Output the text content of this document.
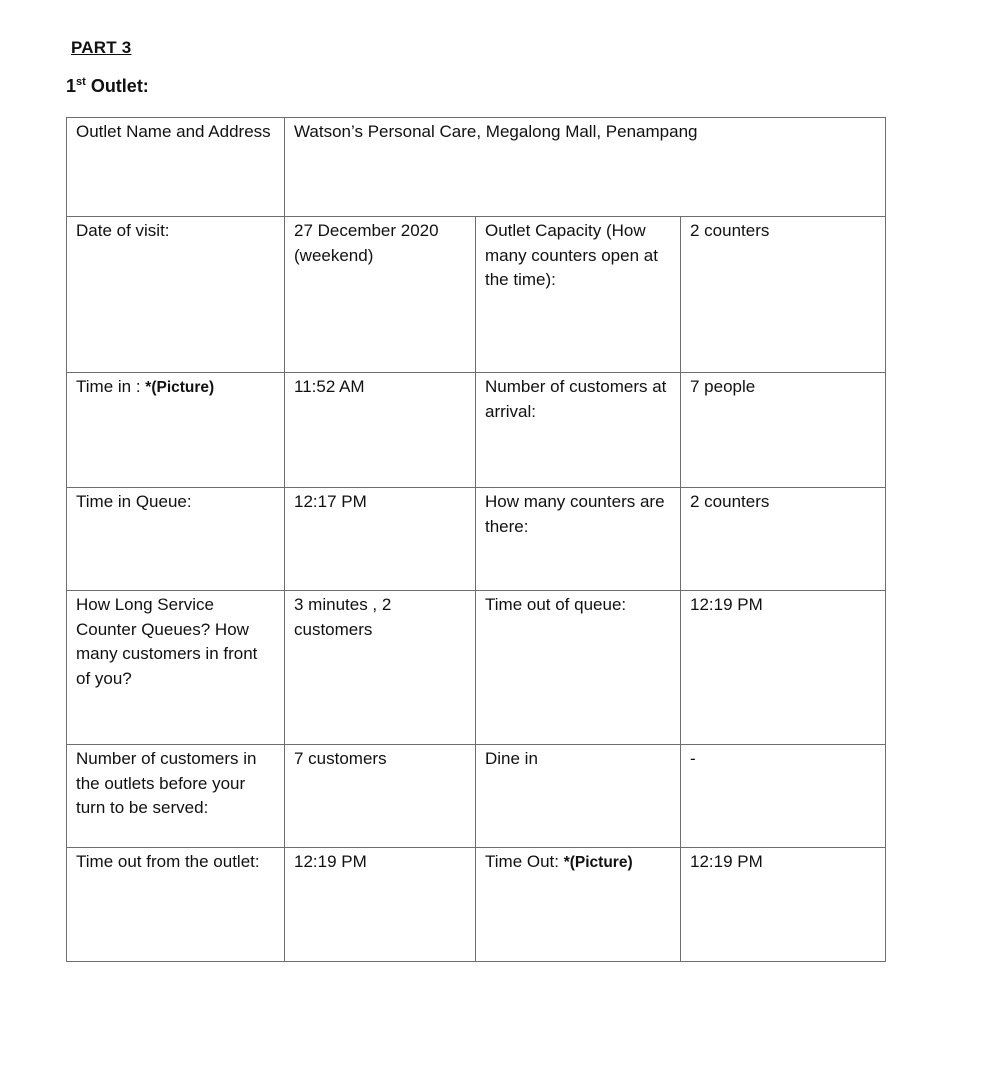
PART 3
1st Outlet:
Outlet Name and Address	Watson’s Personal Care, Megalong Mall, Penampang		
Date of visit:	27 December 2020 (weekend)	Outlet Capacity (How many counters open at the time):	2 counters
Time in : *(Picture)	11:52 AM	Number of customers at arrival:	7 people
Time in Queue:	12:17 PM	How many counters are there:	2 counters
How Long Service Counter Queues? How many customers in front of you?	3 minutes , 2 customers	Time out of queue:	12:19 PM
Number of customers in the outlets before your turn to be served:	7 customers	Dine in	-
Time out from the outlet:	12:19 PM	Time Out: *(Picture)	12:19 PM
